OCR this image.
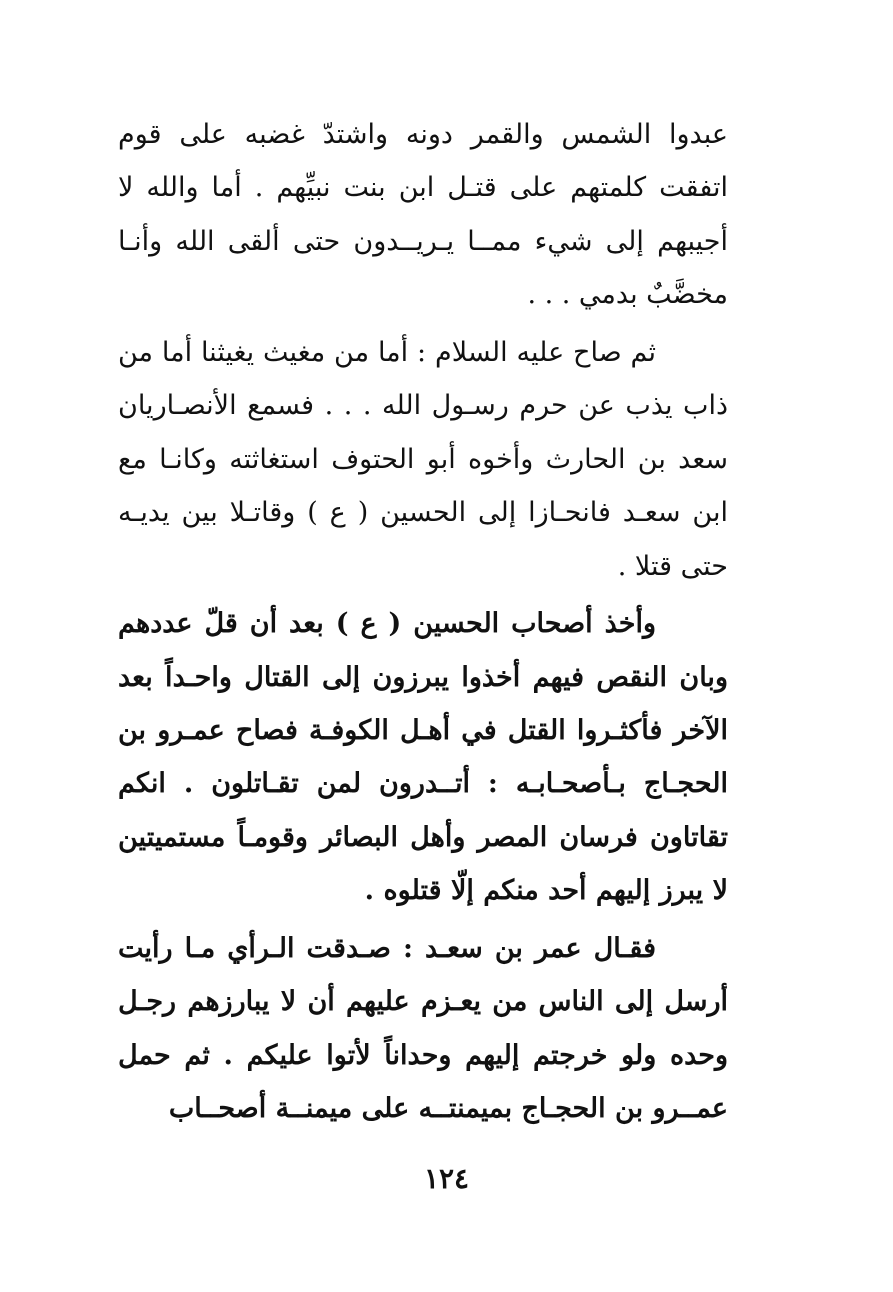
عبدوا الشمس والقمر دونه واشتدّ غضبه على قوم اتفقت كلمتهم على قتـل ابن بنت نبيِّهم . أما والله لا أجيبهم إلى شيء ممــا يـريــدون حتى ألقى الله وأنـا مخضَّبٌ بدمي . . .

ثم صاح عليه السلام : أما من مغيث يغيثنا أما من ذاب يذب عن حرم رسـول الله . . . فسمع الأنصـاريان سعد بن الحارث وأخوه أبو الحتوف استغاثته وكانـا مع ابن سعـد فانحـازا إلى الحسين ( ع ) وقاتـلا بين يديـه حتى قتلا .

وأخذ أصحاب الحسين ( ع ) بعد أن قلّ عددهم وبان النقص فيهم أخذوا يبرزون إلى القتال واحـداً بعد الآخر فأكثـروا القتل في أهـل الكوفـة فصاح عمـرو بن الحجـاج بـأصحـابـه : أتــدرون لمن تقـاتلون . انكم تقاتاون فرسان المصر وأهل البصائر وقومـاً مستميتين لا يبرز إليهم أحد منكم إلّا قتلوه .

فقـال عمر بن سعـد : صـدقت الـرأي مـا رأيت أرسل إلى الناس من يعـزم عليهم أن لا يبارزهم رجـل وحده ولو خرجتم إليهم وحداناً لأتوا عليكم . ثم حمل عمــرو بن الحجـاج بميمنتــه على ميمنــة أصحــاب

١٢٤
